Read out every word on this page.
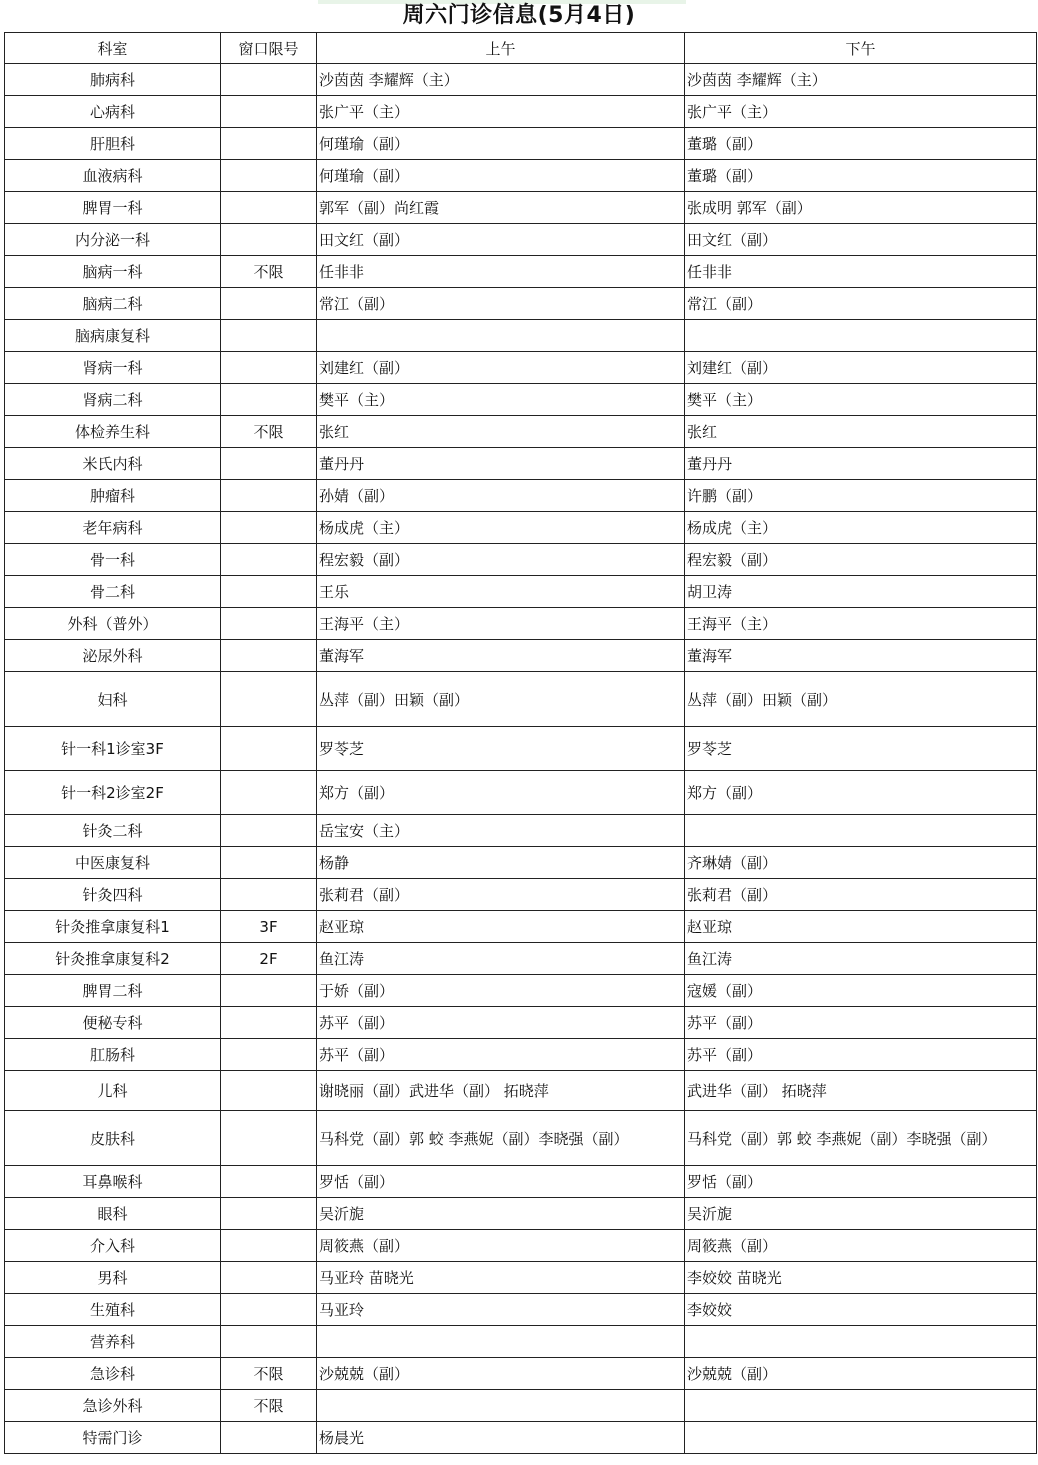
周六门诊信息(5月4日)
科室	窗口限号	上午	下午
肺病科		沙茵茵 李耀辉（主）	沙茵茵 李耀辉（主）
心病科		张广平（主）	张广平（主）
肝胆科		何瑾瑜（副）	董璐（副）
血液病科		何瑾瑜（副）	董璐（副）
脾胃一科		郭军（副）尚红霞	张成明 郭军（副）
内分泌一科		田文红（副）	田文红（副）
脑病一科	不限	任非非	任非非
脑病二科		常江（副）	常江（副）
脑病康复科			
肾病一科		刘建红（副）	刘建红（副）
肾病二科		樊平（主）	樊平（主）
体检养生科	不限	张红	张红
米氏内科		董丹丹	董丹丹
肿瘤科		孙婧（副）	许鹏（副）
老年病科		杨成虎（主）	杨成虎（主）
骨一科		程宏毅（副）	程宏毅（副）
骨二科		王乐	胡卫涛
外科（普外）		王海平（主）	王海平（主）
泌尿外科		董海军	董海军
妇科		丛萍（副）田颖（副）	丛萍（副）田颖（副）
针一科1诊室3F		罗苓芝	罗苓芝
针一科2诊室2F		郑方（副）	郑方（副）
针灸二科		岳宝安（主）	
中医康复科		杨静	齐琳婧（副）
针灸四科		张莉君（副）	张莉君（副）
针灸推拿康复科1	3F	赵亚琼	赵亚琼
针灸推拿康复科2	2F	鱼江涛	鱼江涛
脾胃二科		于娇（副）	寇媛（副）
便秘专科		苏平（副）	苏平（副）
肛肠科		苏平（副）	苏平（副）
儿科		谢晓丽（副）武进华（副） 拓晓萍	武进华（副） 拓晓萍
皮肤科		马科党（副）郭 蛟 李燕妮（副）李晓强（副）	马科党（副）郭 蛟 李燕妮（副）李晓强（副）
耳鼻喉科		罗恬（副）	罗恬（副）
眼科		吴沂旎	吴沂旎
介入科		周筱燕（副）	周筱燕（副）
男科		马亚玲 苗晓光	李姣姣 苗晓光
生殖科		马亚玲	李姣姣
营养科			
急诊科	不限	沙兢兢（副）	沙兢兢（副）
急诊外科	不限		
特需门诊		杨晨光	
